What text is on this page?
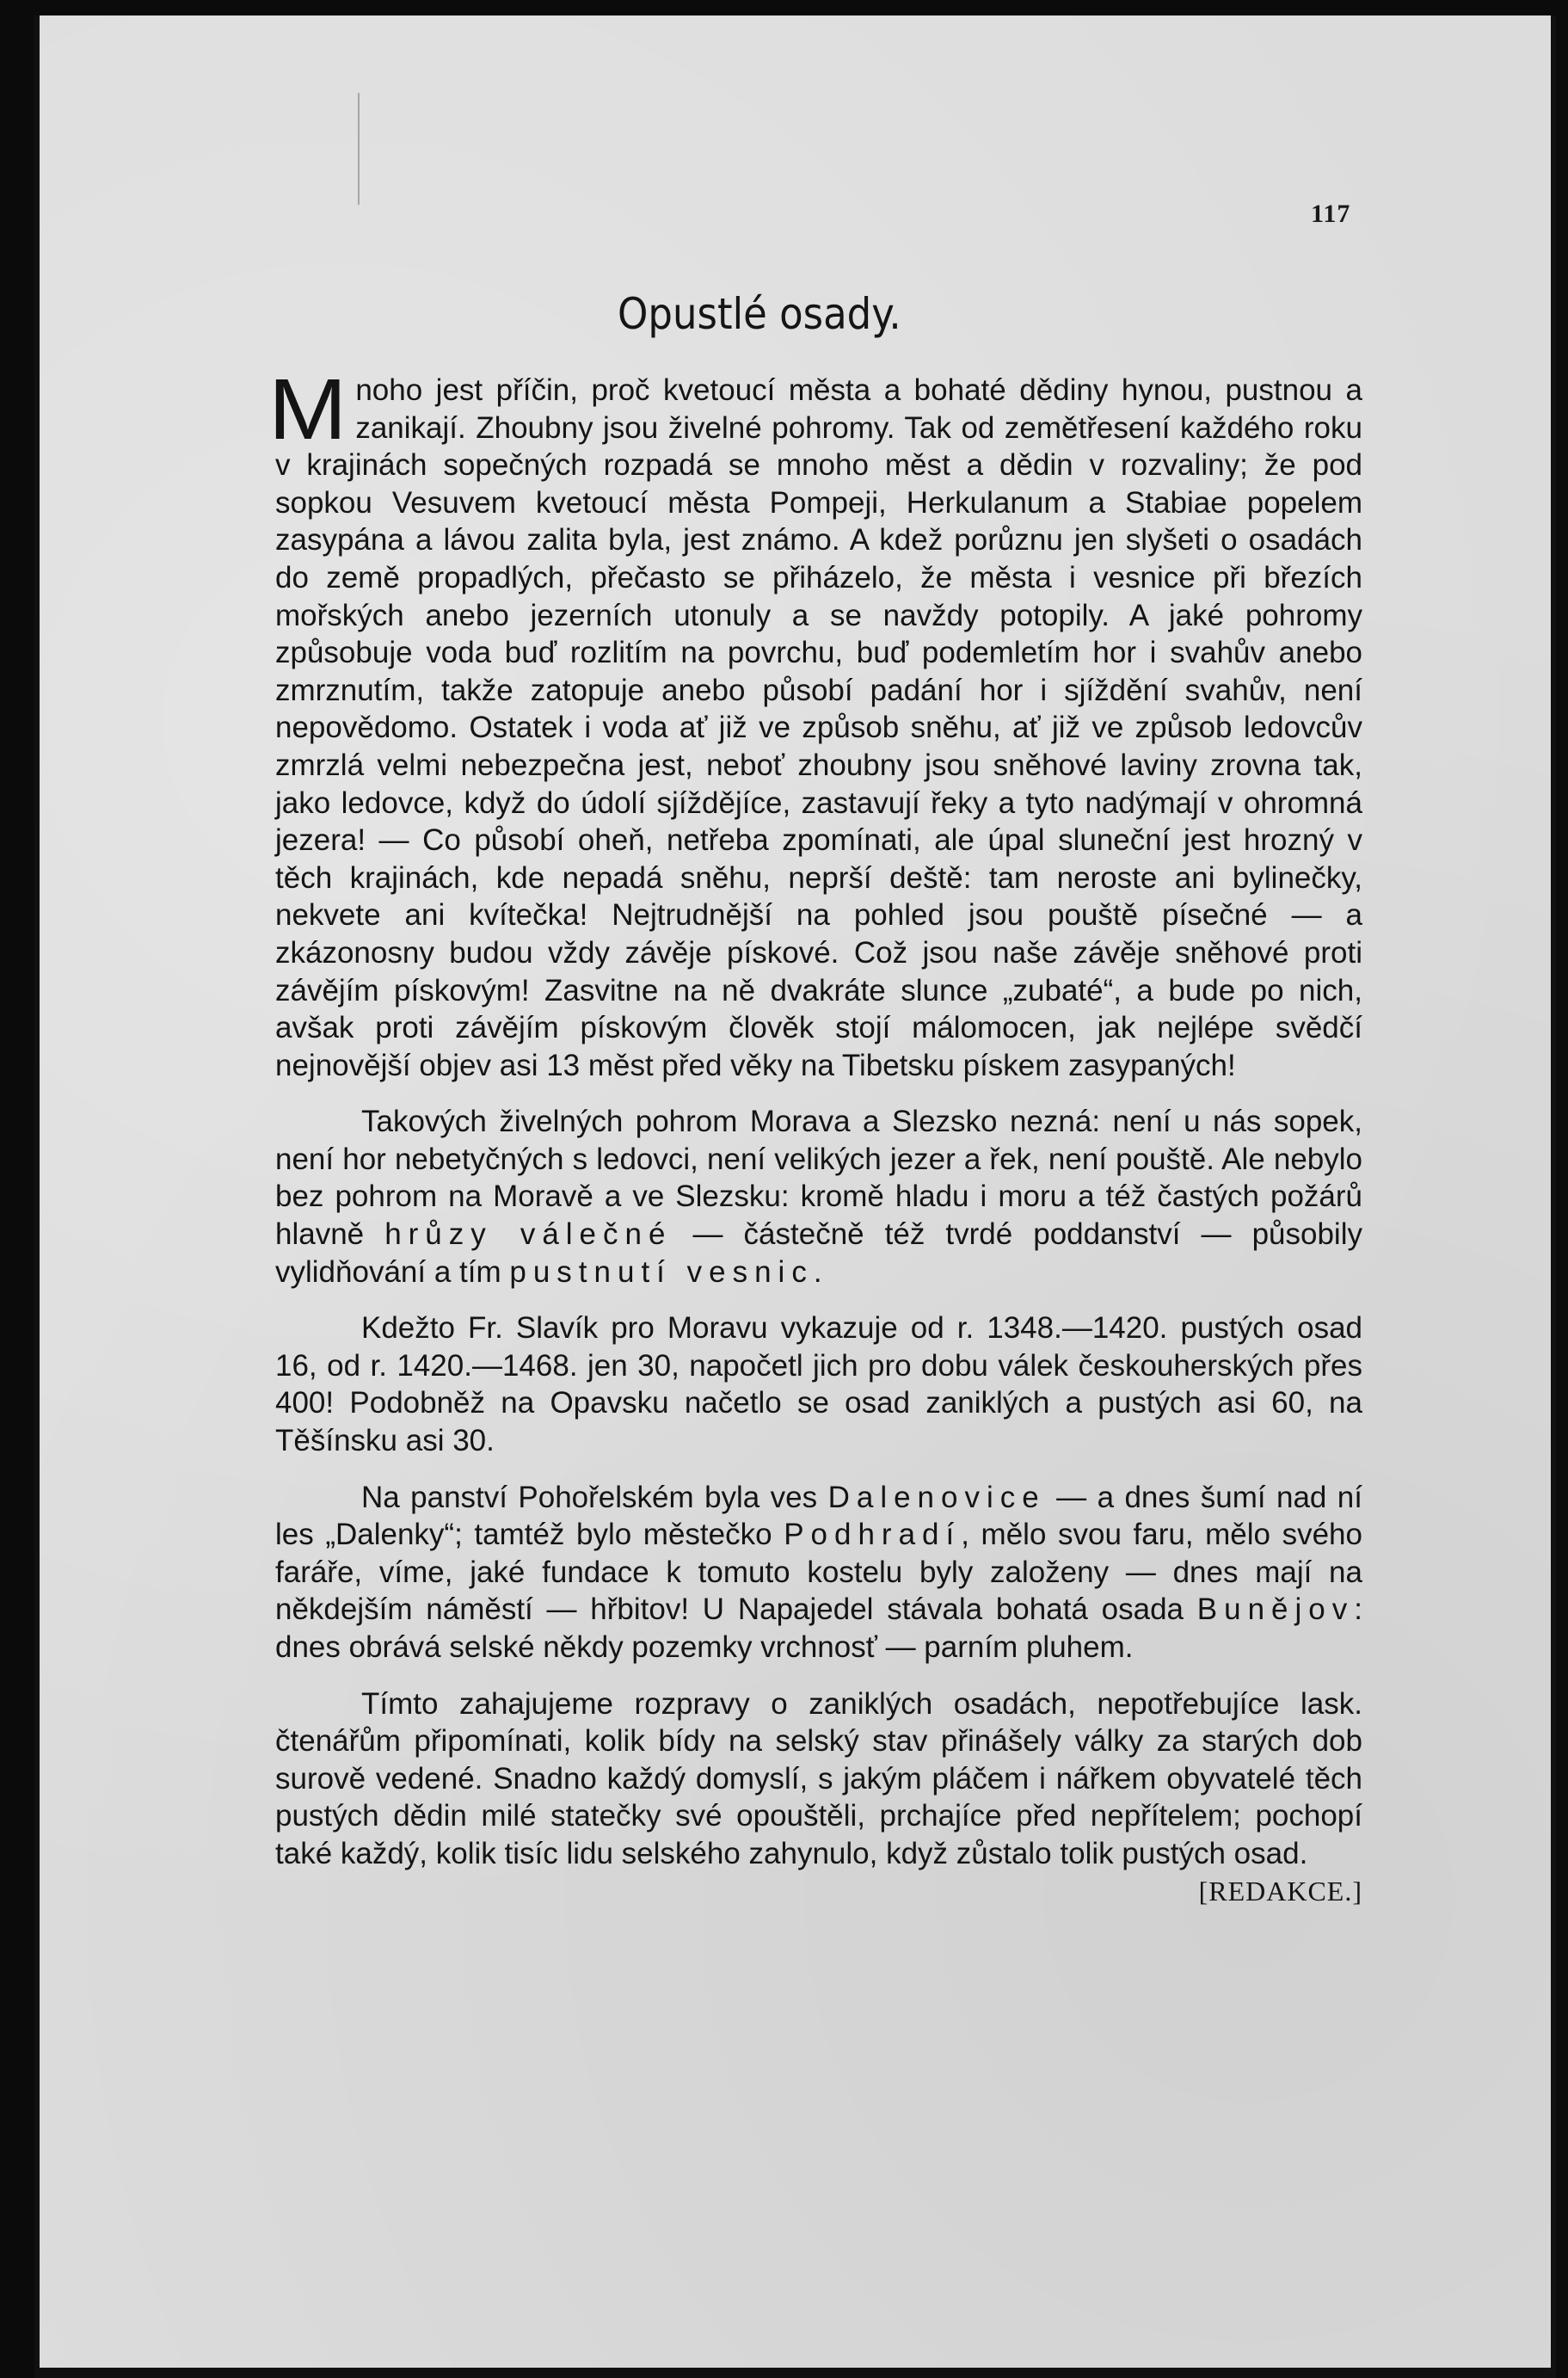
117
Opustlé osady.

Mnoho jest příčin, proč kvetoucí města a bohaté dědiny hynou, pustnou a zanikají. Zhoubny jsou živelné pohromy. Tak od zemětřesení každého roku v krajinách sopečných rozpadá se mnoho měst a dědin v rozvaliny; že pod sopkou Vesuvem kvetoucí města Pompeji, Herkulanum a Stabiae popelem zasypána a lávou zalita byla, jest známo. A kdež porůznu jen slyšeti o osadách do země propadlých, přečasto se přiházelo, že města i vesnice při březích mořských anebo jezerních utonuly a se navždy potopily. A jaké pohromy způsobuje voda buď rozlitím na povrchu, buď podemletím hor i svahův anebo zmrznutím, takže zatopuje anebo působí padání hor i sjíždění svahův, není nepovědomo. Ostatek i voda ať již ve způsob sněhu, ať již ve způsob ledovcův zmrzlá velmi nebezpečna jest, neboť zhoubny jsou sněhové laviny zrovna tak, jako ledovce, když do údolí sjíždějíce, zastavují řeky a tyto nadýmají v ohromná jezera! — Co působí oheň, netřeba zpomínati, ale úpal sluneční jest hrozný v těch krajinách, kde nepadá sněhu, neprší deště: tam neroste ani bylinečky, nekvete ani kvítečka! Nejtrudnější na pohled jsou pouště písečné — a zkázonosny budou vždy závěje pískové. Což jsou naše závěje sněhové proti závějím pískovým! Zasvitne na ně dvakráte slunce „zubaté“, a bude po nich, avšak proti závějím pískovým člověk stojí málomocen, jak nejlépe svědčí nejnovější objev asi 13 měst před věky na Tibetsku pískem zasypaných!

Takových živelných pohrom Morava a Slezsko nezná: není u nás sopek, není hor nebetyčných s ledovci, není velikých jezer a řek, není pouště. Ale nebylo bez pohrom na Moravě a ve Slezsku: kromě hladu i moru a též častých požárů hlavně hrůzy válečné — částečně též tvrdé poddanství — působily vylidňování a tím pustnutí vesnic.

Kdežto Fr. Slavík pro Moravu vykazuje od r. 1348.—1420. pustých osad 16, od r. 1420.—1468. jen 30, napočetl jich pro dobu válek českouherských přes 400! Podobněž na Opavsku načetlo se osad zaniklých a pustých asi 60, na Těšínsku asi 30.

Na panství Pohořelském byla ves Dalenovice — a dnes šumí nad ní les „Dalenky“; tamtéž bylo městečko Podhradí, mělo svou faru, mělo svého faráře, víme, jaké fundace k tomuto kostelu byly založeny — dnes mají na někdejším náměstí — hřbitov! U Napajedel stávala bohatá osada Bunějov: dnes obrává selské někdy pozemky vrchnosť — parním pluhem.

Tímto zahajujeme rozpravy o zaniklých osadách, nepotřebujíce lask. čtenářům připomínati, kolik bídy na selský stav přinášely války za starých dob surově vedené. Snadno každý domyslí, s jakým pláčem i nářkem obyvatelé těch pustých dědin milé statečky své opouštěli, prchajíce před nepřítelem; pochopí také každý, kolik tisíc lidu selského zahynulo, když zůstalo tolik pustých osad.
[REDAKCE.]
